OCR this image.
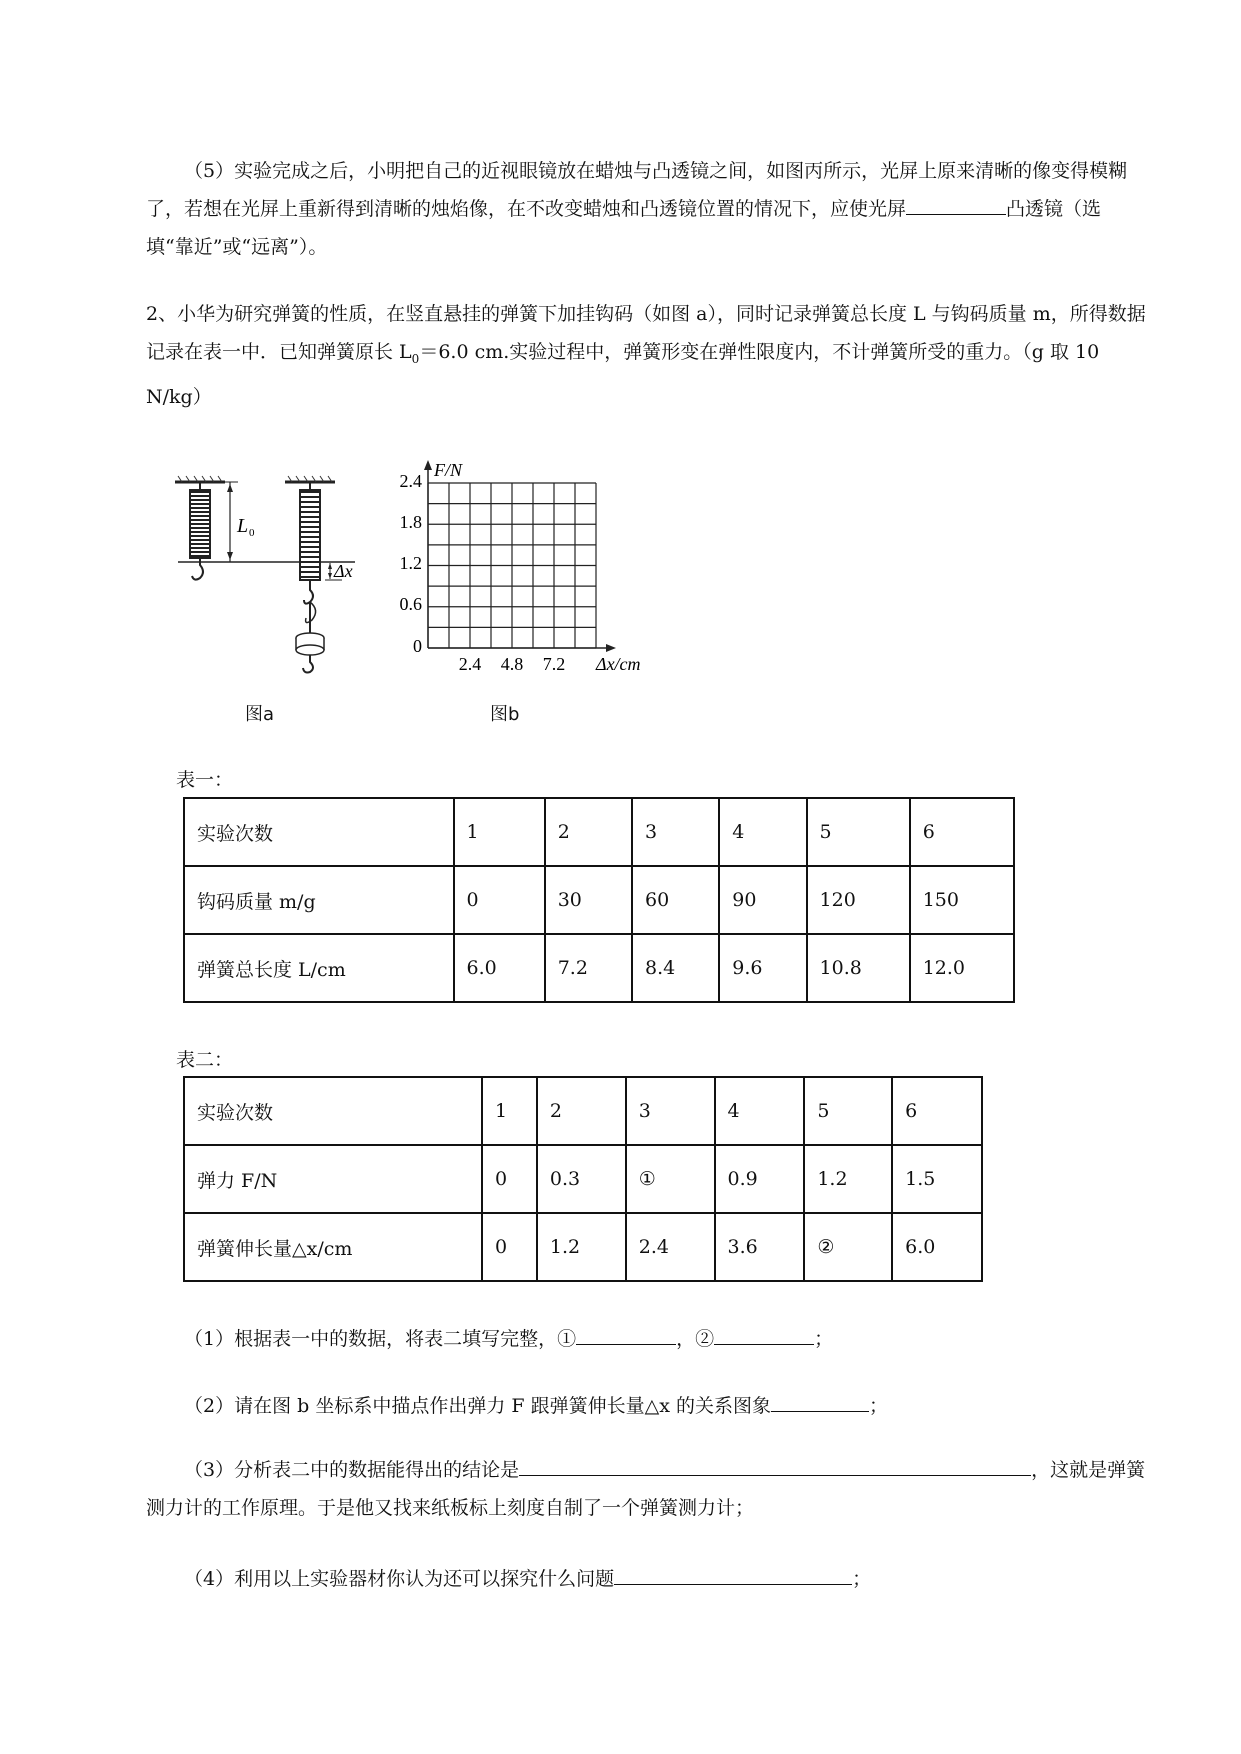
（5）实验完成之后，小明把自己的近视眼镜放在蜡烛与凸透镜之间，如图丙所示，光屏上原来清晰的像变得模糊了，若想在光屏上重新得到清晰的烛焰像，在不改变蜡烛和凸透镜位置的情况下，应使光屏	凸透镜（选填“靠近”或“远离”）。

2、小华为研究弹簧的性质，在竖直悬挂的弹簧下加挂钩码（如图 a），同时记录弹簧总长度 L 与钩码质量 m，所得数据记录在表一中．已知弹簧原长 $L_0=6.0$ cm.实验过程中，弹簧形变在弹性限度内，不计弹簧所受的重力。（g 取 10 N/kg）

L 0
Δx
图a
F/N
Δx/cm
2.4
1.8
1.2
0.6
0
2.4 4.8 7.2
图b
表一：
实验次数	1	2	3	4	5	6
钩码质量 m/g	0	30	60	90	120	150
弹簧总长度 L/cm	6.0	7.2	8.4	9.6	10.8	12.0
表二：
实验次数	1	2	3	4	5	6
弹力 F/N	0	0.3	①	0.9	1.2	1.5
弹簧伸长量△x/cm	0	1.2	2.4	3.6	②	6.0

（1）根据表一中的数据，将表二填写完整，①	，②	；

（2）请在图 b 坐标系中描点作出弹力 F 跟弹簧伸长量△x 的关系图象	；

（3）分析表二中的数据能得出的结论是	，这就是弹簧测力计的工作原理。于是他又找来纸板标上刻度自制了一个弹簧测力计；

（4）利用以上实验器材你认为还可以探究什么问题	；
